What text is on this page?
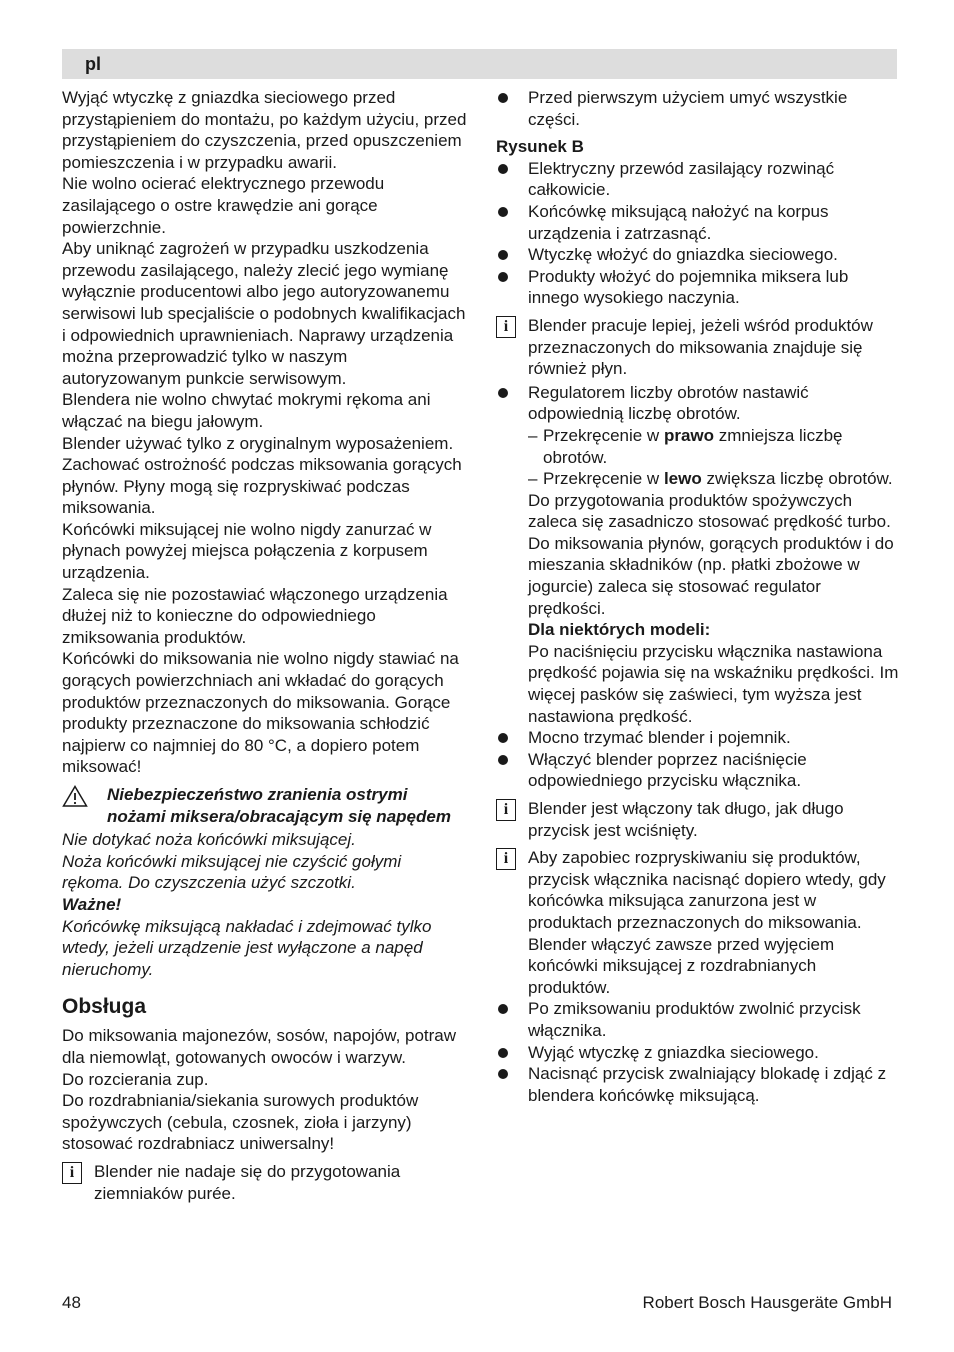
pl

Wyjąć wtyczkę z gniazdka sieciowego przed przystąpieniem do montażu, po każdym użyciu, przed przystąpieniem do czyszczenia, przed opuszczeniem pomieszczenia i w przypadku awarii.

Nie wolno ocierać elektrycznego przewodu zasilającego o ostre krawędzie ani gorące powierzchnie.

Aby uniknąć zagrożeń w przypadku uszkodzenia przewodu zasilającego, należy zlecić jego wymianę wyłącznie producentowi albo jego autoryzowanemu serwisowi lub specjaliście o podobnych kwalifikacjach i odpowiednich uprawnieniach. Naprawy urządzenia można przeprowadzić tylko w naszym autoryzowanym punkcie serwisowym.

Blendera nie wolno chwytać mokrymi rękoma ani włączać na biegu jałowym.

Blender używać tylko z oryginalnym wyposażeniem. Zachować ostrożność podczas miksowania gorących płynów. Płyny mogą się rozpryskiwać podczas miksowania.

Końcówki miksującej nie wolno nigdy zanurzać w płynach powyżej miejsca połączenia z korpusem urządzenia.

Zaleca się nie pozostawiać włączonego urządzenia dłużej niż to konieczne do odpowiedniego zmiksowania produktów.

Końcówki do miksowania nie wolno nigdy stawiać na gorących powierzchniach ani wkładać do gorących produktów przeznaczonych do miksowania. Gorące produkty przeznaczone do miksowania schłodzić najpierw co najmniej do 80 °C, a dopiero potem miksować!

Niebezpieczeństwo zranienia ostrymi nożami miksera/obracającym się napędem

Nie dotykać noża końcówki miksującej.

Noża końcówki miksującej nie czyścić gołymi rękoma. Do czyszczenia użyć szczotki.

Ważne!

Końcówkę miksującą nakładać i zdejmować tylko wtedy, jeżeli urządzenie jest wyłączone a napęd nieruchomy.

Obsługa

Do miksowania majonezów, sosów, napojów, potraw dla niemowląt, gotowanych owoców i warzyw.

Do rozcierania zup.

Do rozdrabniania/siekania surowych produktów spożywczych (cebula, czosnek, zioła i jarzyny) stosować rozdrabniacz uniwersalny!

i	Blender nie nadaje się do przygotowania ziemniaków purée.
Przed pierwszym użyciem umyć wszystkie części.

Rysunek B

Elektryczny przewód zasilający rozwinąć całkowicie.
Końcówkę miksującą nałożyć na korpus urządzenia i zatrzasnąć.
Wtyczkę włożyć do gniazdka sieciowego.
Produkty włożyć do pojemnika miksera lub innego wysokiego naczynia.
i	Blender pracuje lepiej, jeżeli wśród produktów przeznaczonych do miksowania znajduje się również płyn.
Regulatorem liczby obrotów nastawić odpowiednią liczbę obrotów.
– Przekręcenie w prawo zmniejsza liczbę obrotów.
– Przekręcenie w lewo zwiększa liczbę obrotów.

Do przygotowania produktów spożywczych zaleca się zasadniczo stosować prędkość turbo. Do miksowania płynów, gorących produktów i do mieszania składników (np. płatki zbożowe w jogurcie) zaleca się stosować regulator prędkości.

Dla niektórych modeli:

Po naciśnięciu przycisku włącznika nastawiona prędkość pojawia się na wskaźniku prędkości. Im więcej pasków się zaświeci, tym wyższa jest nastawiona prędkość.

Mocno trzymać blender i pojemnik.
Włączyć blender poprzez naciśnięcie odpowiedniego przycisku włącznika.
i	Blender jest włączony tak długo, jak długo przycisk jest wciśnięty.
i	Aby zapobiec rozpryskiwaniu się produktów, przycisk włącznika nacisnąć dopiero wtedy, gdy końcówka miksująca zanurzona jest w produktach przeznaczonych do miksowania.

Blender włączyć zawsze przed wyjęciem końcówki miksującej z rozdrabnianych produktów.

Po zmiksowaniu produktów zwolnić przycisk włącznika.
Wyjąć wtyczkę z gniazdka sieciowego.
Nacisnąć przycisk zwalniający blokadę i zdjąć z blendera końcówkę miksującą.
48	Robert Bosch Hausgeräte GmbH
